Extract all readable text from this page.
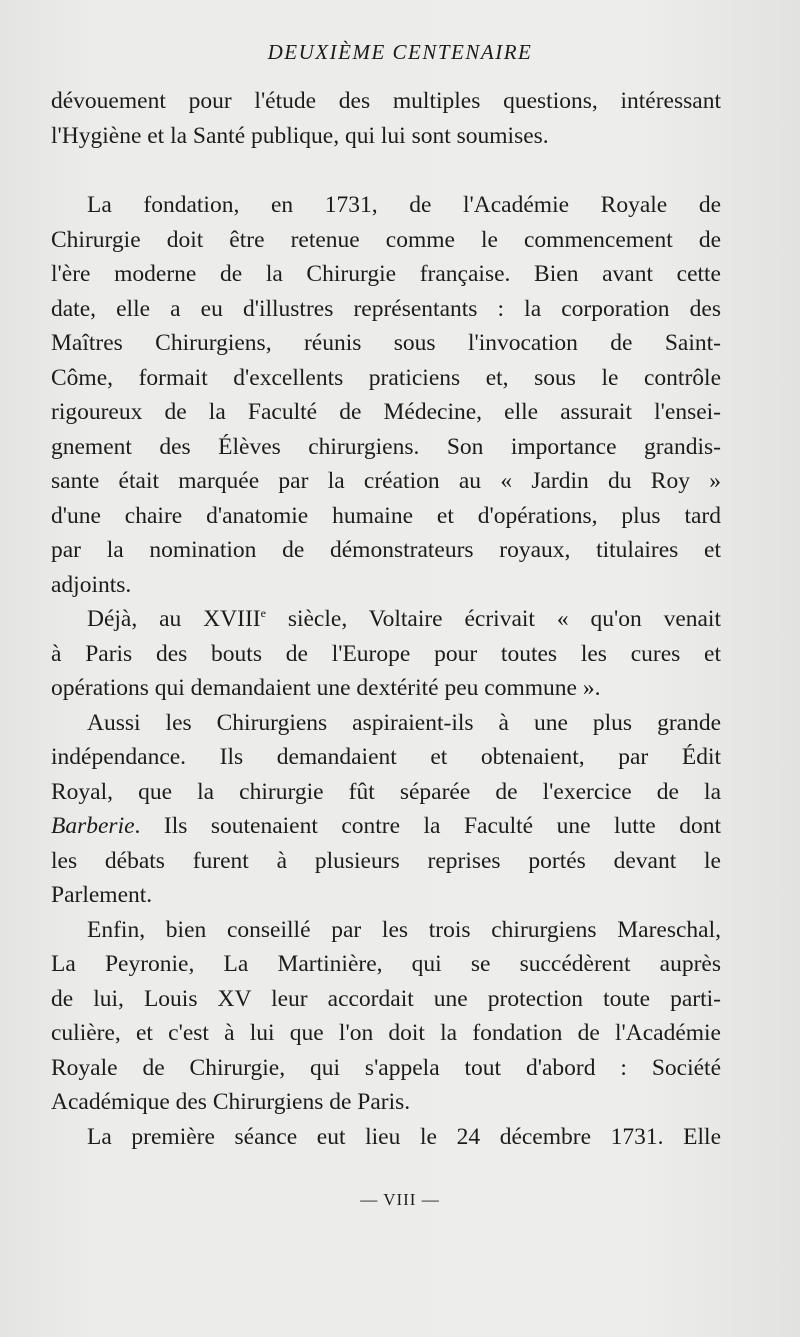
DEUXIÈME CENTENAIRE
dévouement pour l'étude des multiples questions, intéressant
l'Hygiène et la Santé publique, qui lui sont soumises.
La fondation, en 1731, de l'Académie Royale de
Chirurgie doit être retenue comme le commencement de
l'ère moderne de la Chirurgie française. Bien avant cette
date, elle a eu d'illustres représentants : la corporation des
Maîtres Chirurgiens, réunis sous l'invocation de Saint-
Côme, formait d'excellents praticiens et, sous le contrôle
rigoureux de la Faculté de Médecine, elle assurait l'ensei-
gnement des Élèves chirurgiens. Son importance grandis-
sante était marquée par la création au « Jardin du Roy »
d'une chaire d'anatomie humaine et d'opérations, plus tard
par la nomination de démonstrateurs royaux, titulaires et
adjoints.
Déjà, au XVIIIe siècle, Voltaire écrivait « qu'on venait
à Paris des bouts de l'Europe pour toutes les cures et
opérations qui demandaient une dextérité peu commune ».
Aussi les Chirurgiens aspiraient-ils à une plus grande
indépendance. Ils demandaient et obtenaient, par Édit
Royal, que la chirurgie fût séparée de l'exercice de la
Barberie. Ils soutenaient contre la Faculté une lutte dont
les débats furent à plusieurs reprises portés devant le
Parlement.
Enfin, bien conseillé par les trois chirurgiens Mareschal,
La Peyronie, La Martinière, qui se succédèrent auprès
de lui, Louis XV leur accordait une protection toute parti-
culière, et c'est à lui que l'on doit la fondation de l'Académie
Royale de Chirurgie, qui s'appela tout d'abord : Société
Académique des Chirurgiens de Paris.
La première séance eut lieu le 24 décembre 1731. Elle
— VIII —
